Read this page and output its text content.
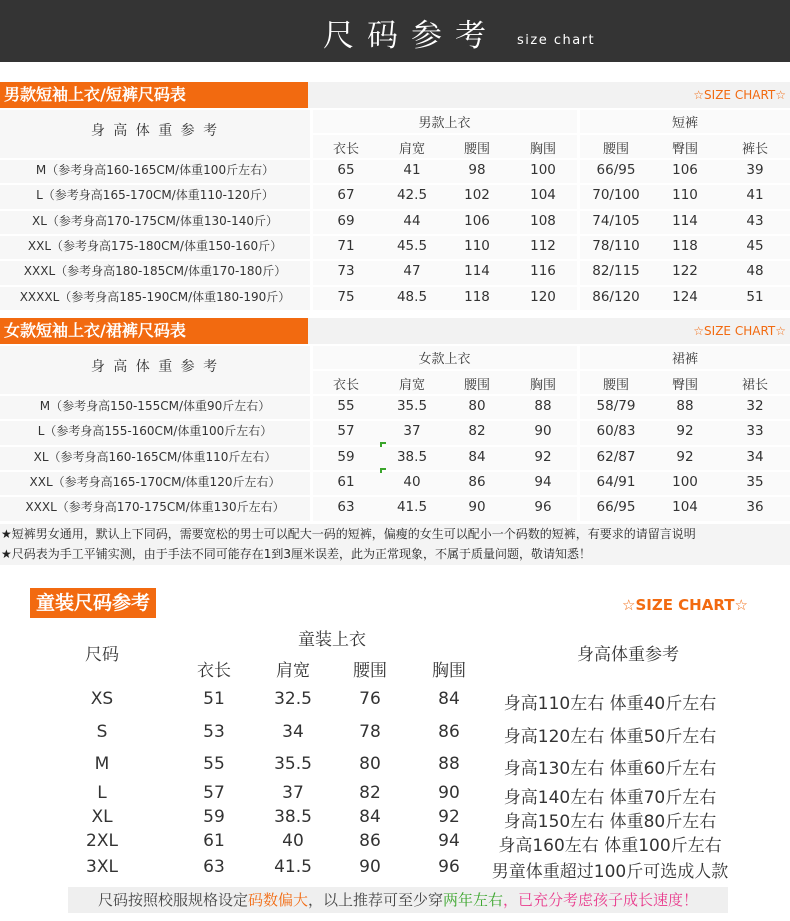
尺码参考 size chart
男款短袖上衣/短裤尺码表	☆SIZE CHART☆
身 高 体 重 参 考	男款上衣	短裤
衣长	肩宽	腰围	胸围	腰围	臀围	裤长
M（参考身高160-165CM/体重100斤左右）	65	41	98	100	66/95	106	39
L（参考身高165-170CM/体重110-120斤）	67	42.5	102	104	70/100	110	41
XL（参考身高170-175CM/体重130-140斤）	69	44	106	108	74/105	114	43
XXL（参考身高175-180CM/体重150-160斤）	71	45.5	110	112	78/110	118	45
XXXL（参考身高180-185CM/体重170-180斤）	73	47	114	116	82/115	122	48
XXXXL（参考身高185-190CM/体重180-190斤）	75	48.5	118	120	86/120	124	51
女款短袖上衣/裙裤尺码表	☆SIZE CHART☆
身 高 体 重 参 考	女款上衣	裙裤
衣长	肩宽	腰围	胸围	腰围	臀围	裙长
M（参考身高150-155CM/体重90斤左右）	55	35.5	80	88	58/79	88	32
L（参考身高155-160CM/体重100斤左右）	57	37	82	90	60/83	92	33
XL（参考身高160-165CM/体重110斤左右）	59	38.5	84	92	62/87	92	34
XXL（参考身高165-170CM/体重120斤左右）	61	40	86	94	64/91	100	35
XXXL（参考身高170-175CM/体重130斤左右）	63	41.5	90	96	66/95	104	36
★短裤男女通用，默认上下同码，需要宽松的男士可以配大一码的短裤，偏瘦的女生可以配小一个码数的短裤，有要求的请留言说明
★尺码表为手工平铺实测，由于手法不同可能存在1到3厘米误差，此为正常现象，不属于质量问题，敬请知悉！
童装尺码参考	☆SIZE CHART☆
尺码
童装上衣
身高体重参考
衣长	肩宽	腰围	胸围
XS	51	32.5	76	84	身高110左右 体重40斤左右
S	53	34	78	86	身高120左右 体重50斤左右
M	55	35.5	80	88	身高130左右 体重60斤左右
L	57	37	82	90	身高140左右 体重70斤左右
XL	59	38.5	84	92	身高150左右 体重80斤左右
2XL	61	40	86	94	身高160左右 体重100斤左右
3XL	63	41.5	90	96	男童体重超过100斤可选成人款
尺码按照校服规格设定码数偏大，以上推荐可至少穿两年左右，已充分考虑孩子成长速度！
